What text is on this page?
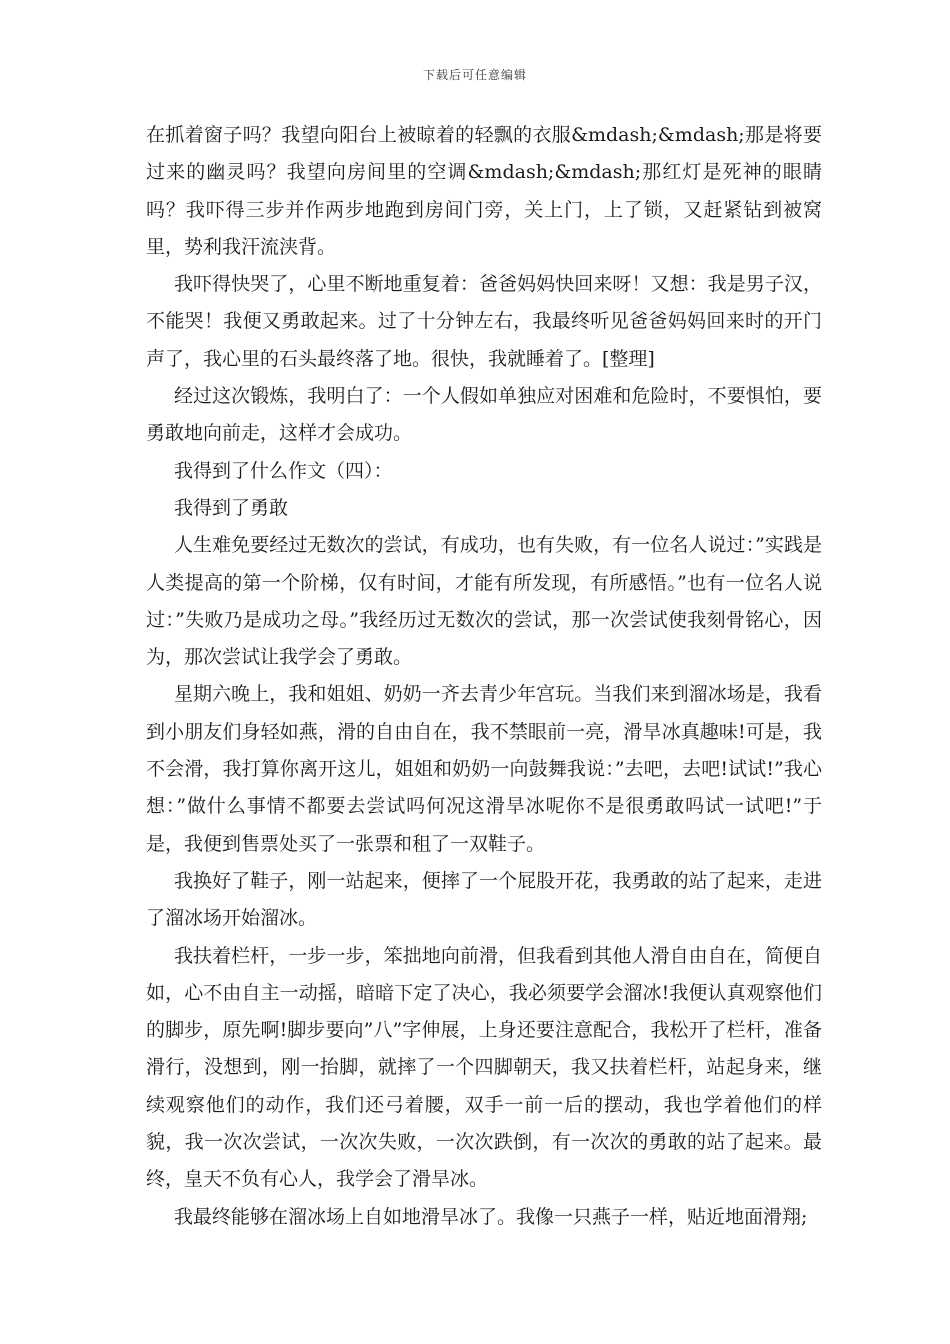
下载后可任意编辑

在抓着窗子吗？我望向阳台上被晾着的轻飘的衣服&mdash;&mdash;那是将要过来的幽灵吗？我望向房间里的空调&mdash;&mdash;那红灯是死神的眼睛吗？我吓得三步并作两步地跑到房间门旁，关上门，上了锁，又赶紧钻到被窝里，势利我汗流浃背。

我吓得快哭了，心里不断地重复着：爸爸妈妈快回来呀！又想：我是男子汉，不能哭！我便又勇敢起来。过了十分钟左右，我最终听见爸爸妈妈回来时的开门声了，我心里的石头最终落了地。很快，我就睡着了。[整理]

经过这次锻炼，我明白了：一个人假如单独应对困难和危险时，不要惧怕，要勇敢地向前走，这样才会成功。

我得到了什么作文（四）：

我得到了勇敢

人生难免要经过无数次的尝试，有成功，也有失败，有一位名人说过：”实践是人类提高的第一个阶梯，仅有时间，才能有所发现，有所感悟。”也有一位名人说过：”失败乃是成功之母。”我经历过无数次的尝试，那一次尝试使我刻骨铭心，因为，那次尝试让我学会了勇敢。

星期六晚上，我和姐姐、奶奶一齐去青少年宫玩。当我们来到溜冰场是，我看到小朋友们身轻如燕，滑的自由自在，我不禁眼前一亮，滑旱冰真趣味!可是，我不会滑，我打算你离开这儿，姐姐和奶奶一向鼓舞我说：”去吧，去吧!试试!”我心想：”做什么事情不都要去尝试吗何况这滑旱冰呢你不是很勇敢吗试一试吧!”于是，我便到售票处买了一张票和租了一双鞋子。

我换好了鞋子，刚一站起来，便摔了一个屁股开花，我勇敢的站了起来，走进了溜冰场开始溜冰。

我扶着栏杆，一步一步，笨拙地向前滑，但我看到其他人滑自由自在，简便自如，心不由自主一动摇，暗暗下定了决心，我必须要学会溜冰!我便认真观察他们的脚步，原先啊!脚步要向”八”字伸展，上身还要注意配合，我松开了栏杆，准备滑行，没想到，刚一抬脚，就摔了一个四脚朝天，我又扶着栏杆，站起身来，继续观察他们的动作，我们还弓着腰，双手一前一后的摆动，我也学着他们的样貌，我一次次尝试，一次次失败，一次次跌倒，有一次次的勇敢的站了起来。最终，皇天不负有心人，我学会了滑旱冰。

我最终能够在溜冰场上自如地滑旱冰了。我像一只燕子一样，贴近地面滑翔;
